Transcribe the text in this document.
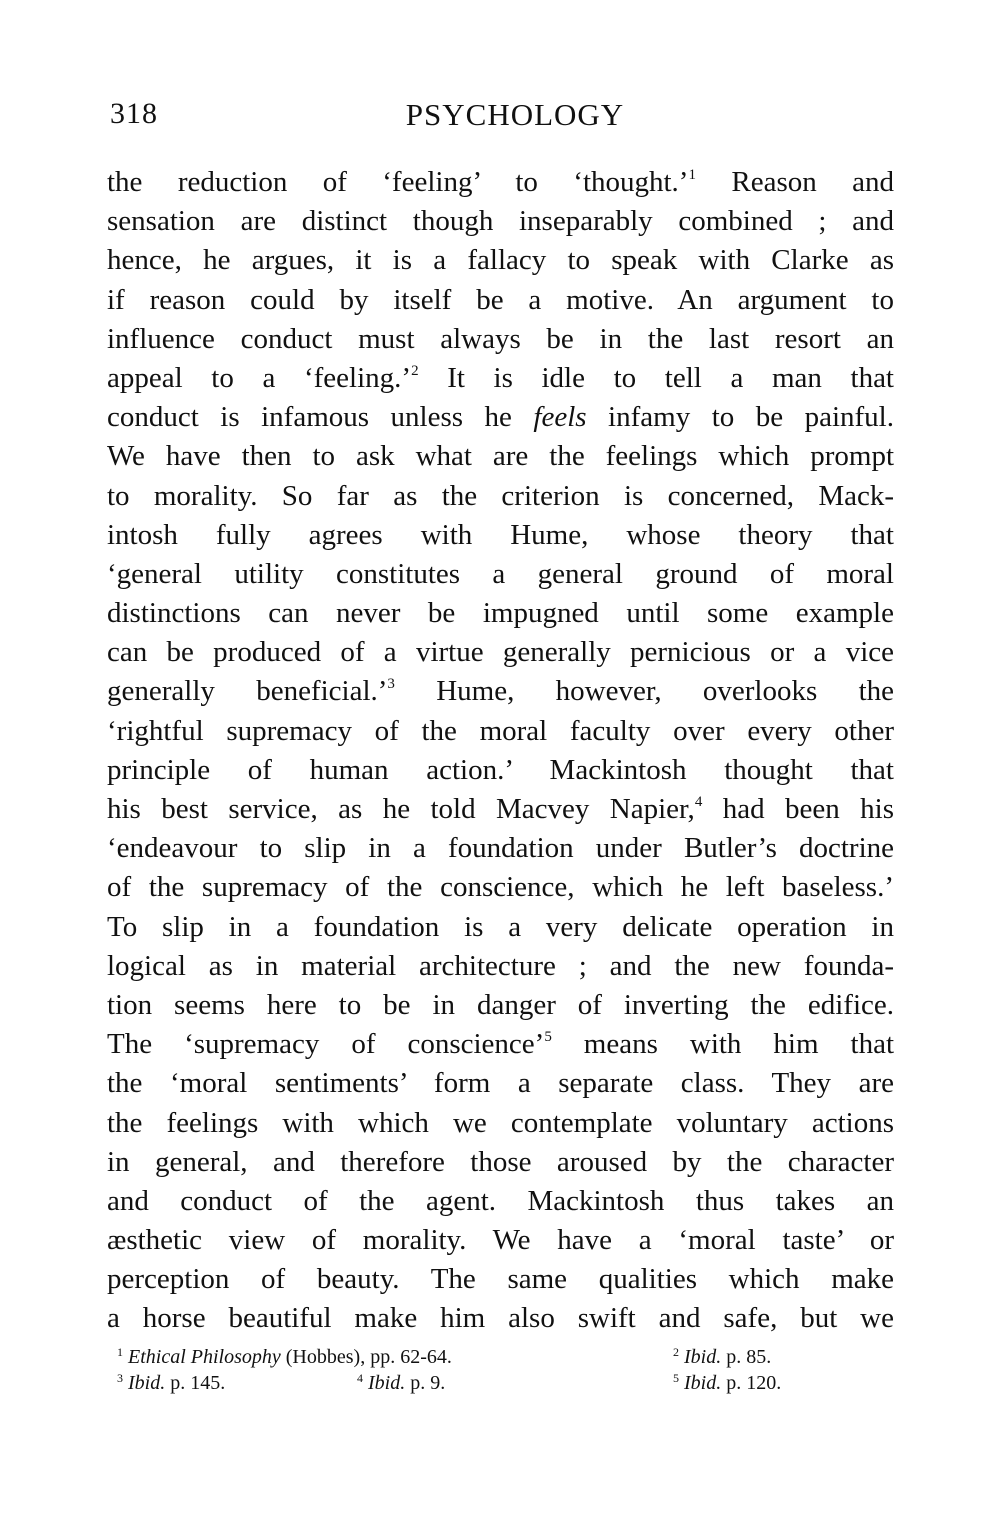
318	PSYCHOLOGY
the reduction of ‘feeling’ to ‘thought.’$^1$ Reason and
sensation are distinct though inseparably combined ; and
hence, he argues, it is a fallacy to speak with Clarke as
if reason could by itself be a motive. An argument to
influence conduct must always be in the last resort an
appeal to a ‘feeling.’$^2$ It is idle to tell a man that
conduct is infamous unless he feels infamy to be painful.
We have then to ask what are the feelings which prompt
to morality. So far as the criterion is concerned, Mack-
intosh fully agrees with Hume, whose theory that
‘general utility constitutes a general ground of moral
distinctions can never be impugned until some example
can be produced of a virtue generally pernicious or a vice
generally beneficial.’$^3$ Hume, however, overlooks the
‘rightful supremacy of the moral faculty over every other
principle of human action.’ Mackintosh thought that
his best service, as he told Macvey Napier,$^4$ had been his
‘endeavour to slip in a foundation under Butler’s doctrine
of the supremacy of the conscience, which he left baseless.’
To slip in a foundation is a very delicate operation in
logical as in material architecture ; and the new founda-
tion seems here to be in danger of inverting the edifice.
The ‘supremacy of conscience’$^5$ means with him that
the ‘moral sentiments’ form a separate class. They are
the feelings with which we contemplate voluntary actions
in general, and therefore those aroused by the character
and conduct of the agent. Mackintosh thus takes an
æsthetic view of morality. We have a ‘moral taste’ or
perception of beauty. The same qualities which make
a horse beautiful make him also swift and safe, but we
$^1$ Ethical Philosophy (Hobbes), pp. 62-64.	$^2$ Ibid. p. 85.
$^3$ Ibid. p. 145.	$^4$ Ibid. p. 9.	$^5$ Ibid. p. 120.
